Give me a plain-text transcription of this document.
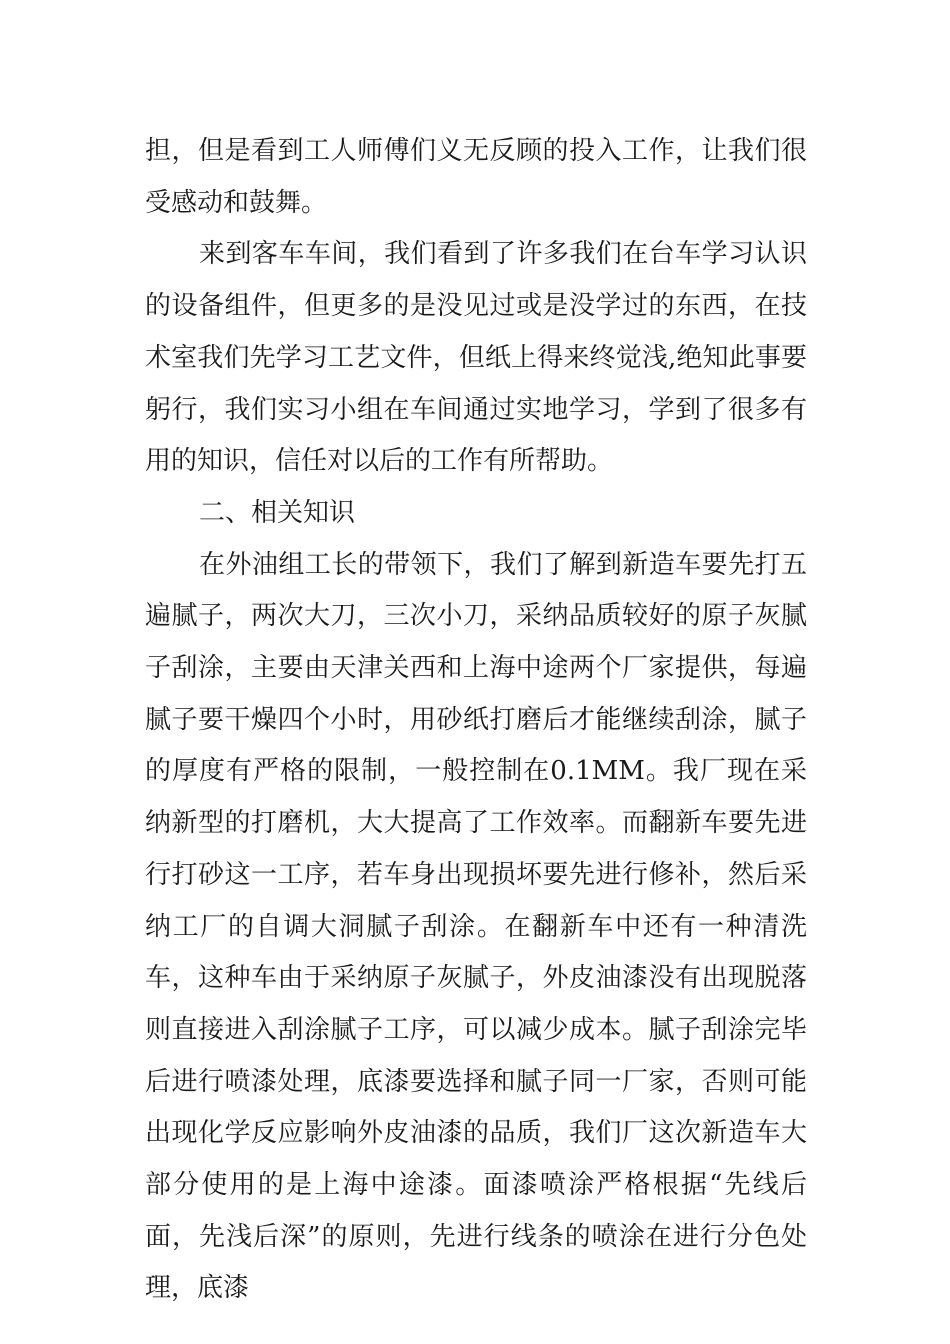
担，但是看到工人师傅们义无反顾的投入工作，让我们很受感动和鼓舞。

来到客车车间，我们看到了许多我们在台车学习认识的设备组件，但更多的是没见过或是没学过的东西，在技术室我们先学习工艺文件，但纸上得来终觉浅,绝知此事要躬行，我们实习小组在车间通过实地学习，学到了很多有用的知识，信任对以后的工作有所帮助。

二、相关知识

在外油组工长的带领下，我们了解到新造车要先打五遍腻子，两次大刀，三次小刀，采纳品质较好的原子灰腻子刮涂，主要由天津关西和上海中途两个厂家提供，每遍腻子要干燥四个小时，用砂纸打磨后才能继续刮涂，腻子的厚度有严格的限制，一般控制在0.1MM。我厂现在采纳新型的打磨机，大大提高了工作效率。而翻新车要先进行打砂这一工序，若车身出现损坏要先进行修补，然后采纳工厂的自调大洞腻子刮涂。在翻新车中还有一种清洗车，这种车由于采纳原子灰腻子，外皮油漆没有出现脱落则直接进入刮涂腻子工序，可以减少成本。腻子刮涂完毕后进行喷漆处理，底漆要选择和腻子同一厂家，否则可能出现化学反应影响外皮油漆的品质，我们厂这次新造车大部分使用的是上海中途漆。面漆喷涂严格根据“先线后面，先浅后深”的原则，先进行线条的喷涂在进行分色处理，底漆
